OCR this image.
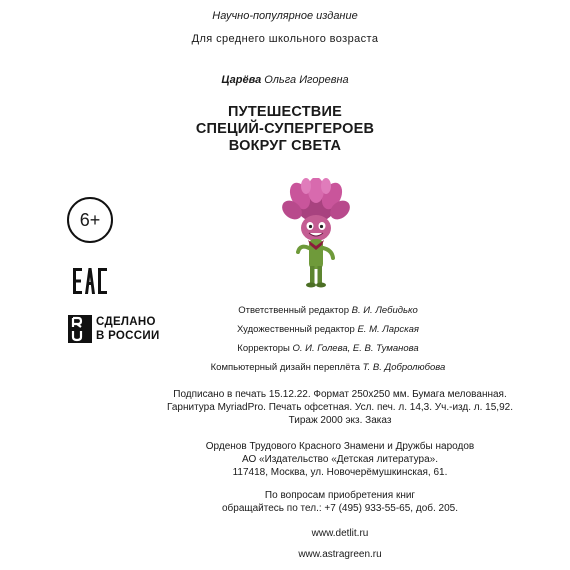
Научно-популярное издание
Для среднего школьного возраста
Царёва Ольга Игоревна
ПУТЕШЕСТВИЕ
СПЕЦИЙ-СУПЕРГЕРОЕВ
ВОКРУГ СВЕТА
6+
СДЕЛАНО
В РОССИИ
Ответственный редактор В. И. Лебидько
Художественный редактор Е. М. Ларская
Корректоры О. И. Голева, Е. В. Туманова
Компьютерный дизайн переплёта Т. В. Добролюбова
Подписано в печать 15.12.22. Формат 250x250 мм. Бумага мелованная.
Гарнитура MyriadPro. Печать офсетная. Усл. печ. л. 14,3. Уч.-изд. л. 15,92.
Тираж 2000 экз. Заказ
Орденов Трудового Красного Знамени и Дружбы народов
АО «Издательство «Детская литература».
117418, Москва, ул. Новочерёмушкинская, 61.
По вопросам приобретения книг
обращайтесь по тел.: +7 (495) 933-55-65, доб. 205.
www.detlit.ru
www.astragreen.ru
